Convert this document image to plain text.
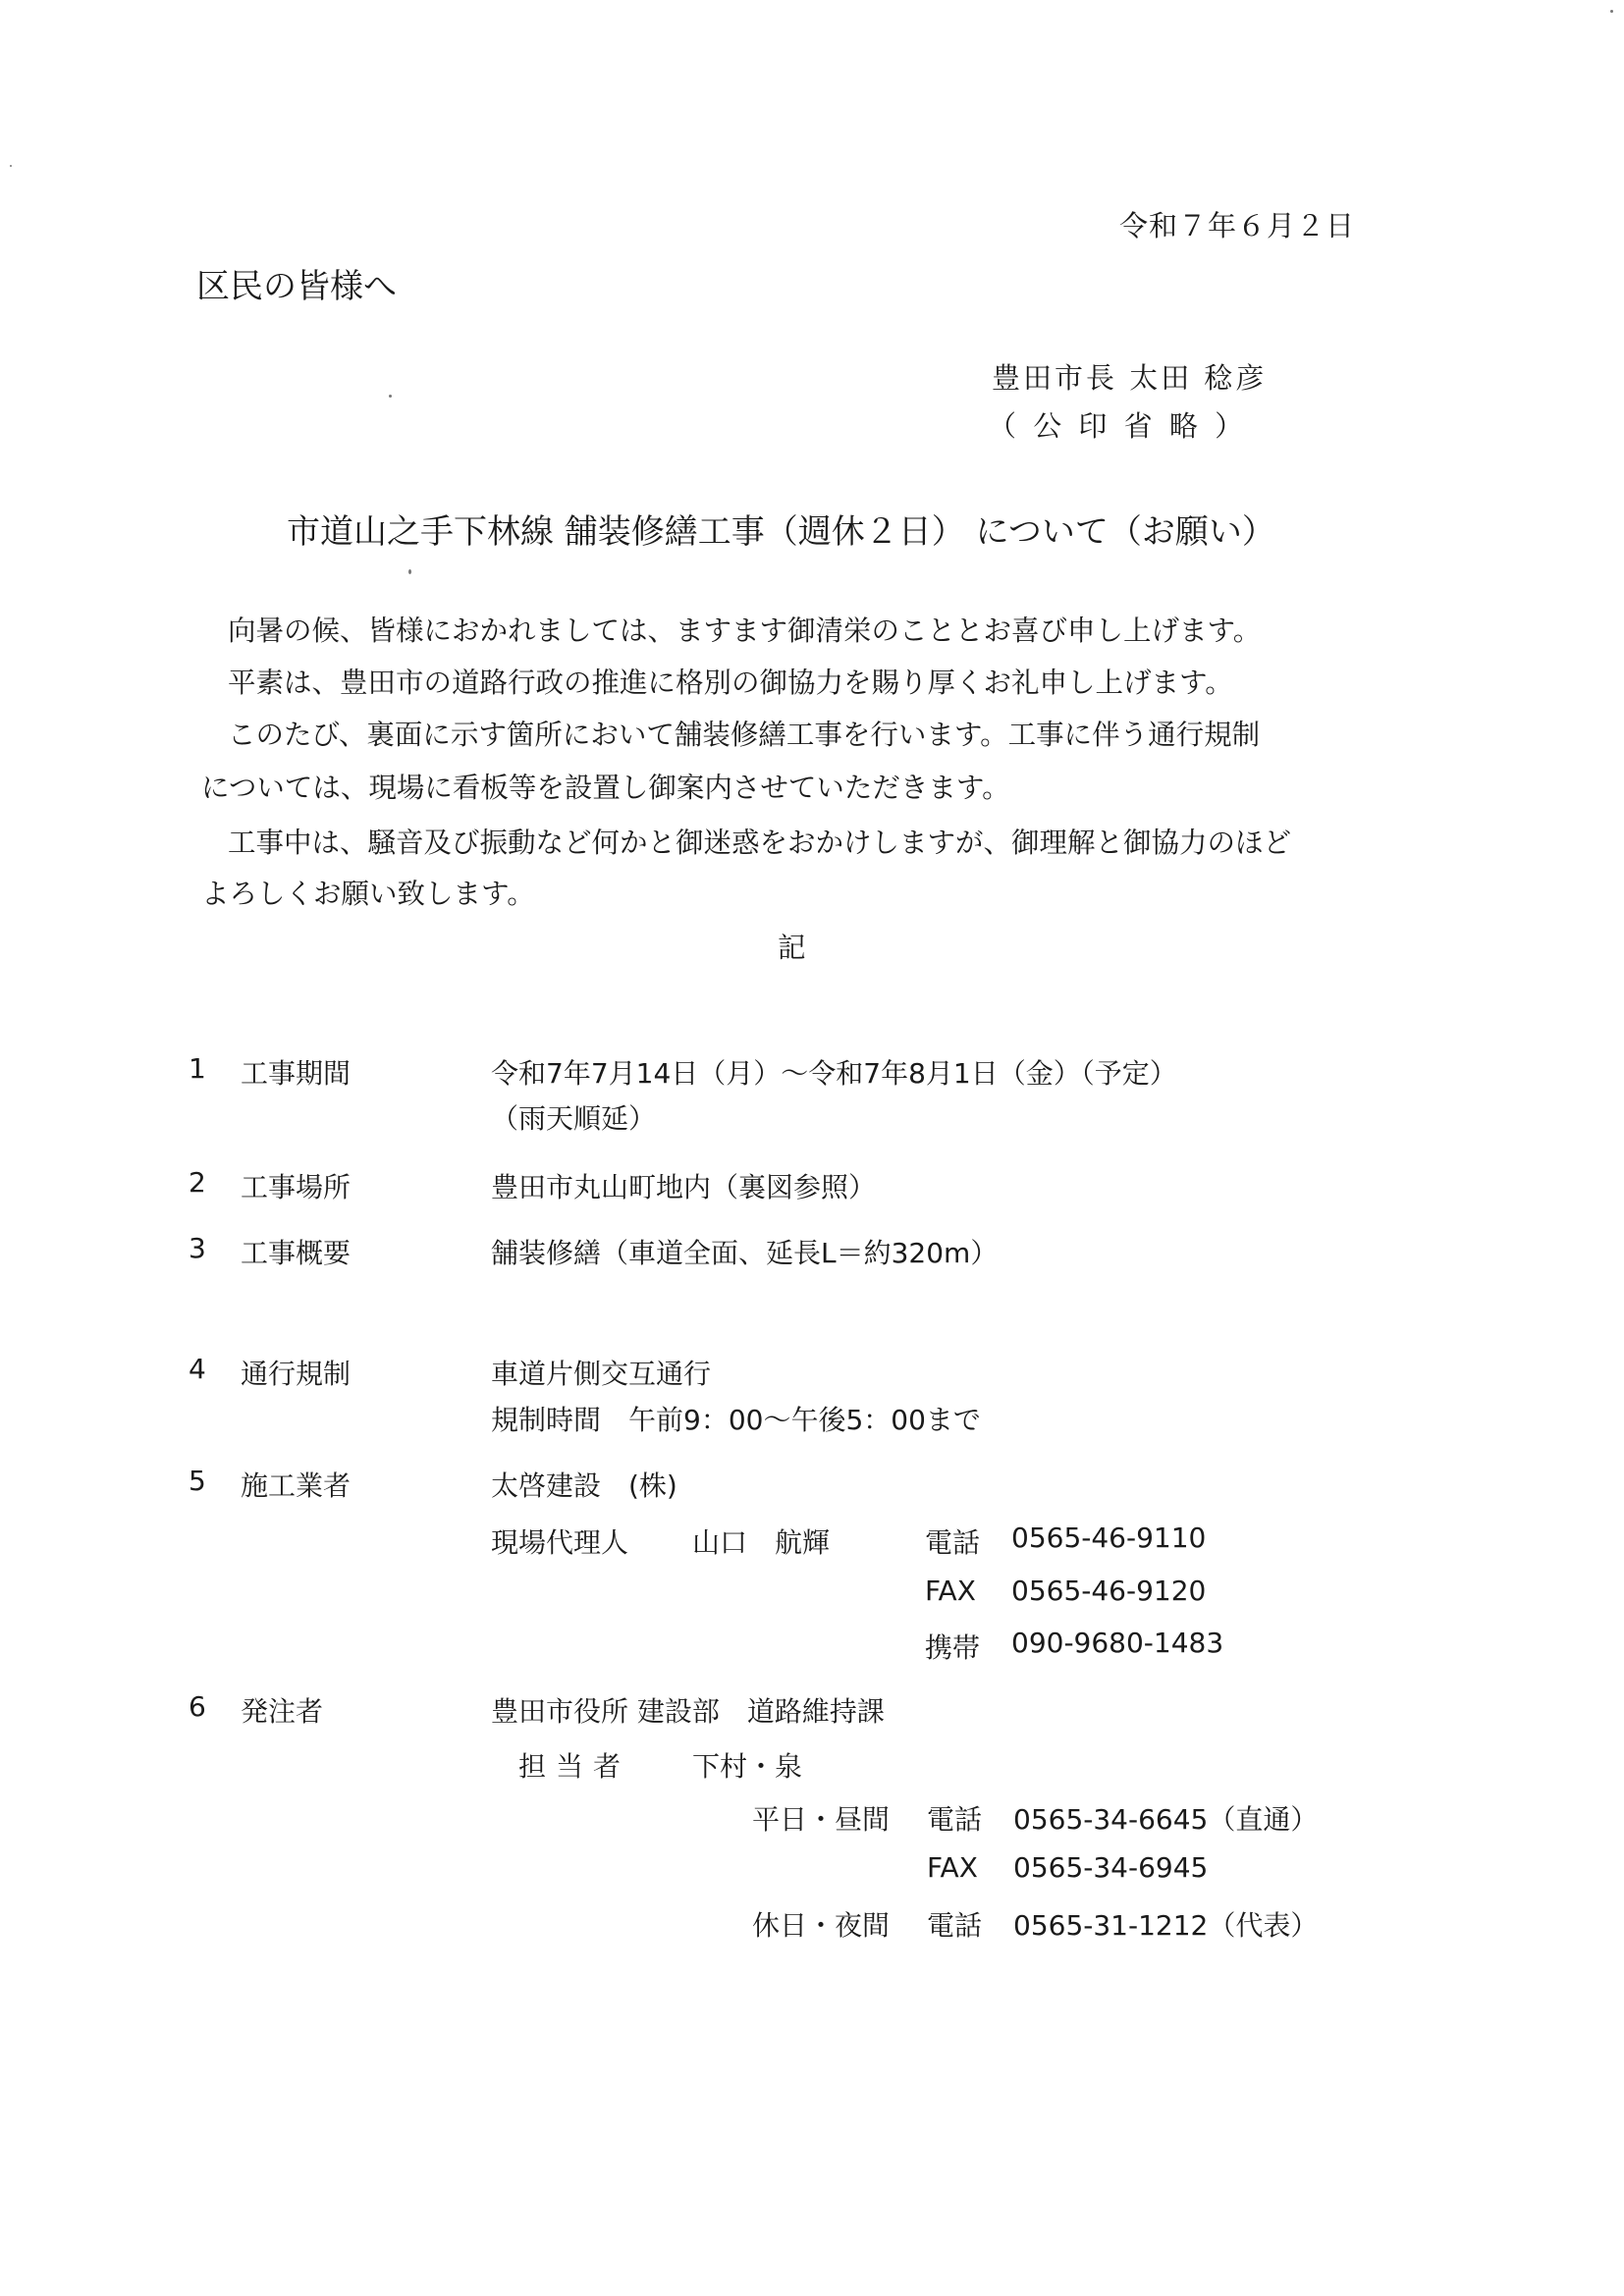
令和７年６月２日
区民の皆様へ
豊田市長 太田 稔彦
（ 公 印 省 略 ）
市道山之手下林線 舗装修繕工事（週休２日） について（お願い）
向暑の候、皆様におかれましては、ますます御清栄のこととお喜び申し上げます。
平素は、豊田市の道路行政の推進に格別の御協力を賜り厚くお礼申し上げます。
このたび、裏面に示す箇所において舗装修繕工事を行います。工事に伴う通行規制
については、現場に看板等を設置し御案内させていただきます。
工事中は、騒音及び振動など何かと御迷惑をおかけしますが、御理解と御協力のほど
よろしくお願い致します。
記
1 工事期間	令和7年7月14日（月）～令和7年8月1日（金）（予定）
（雨天順延）
2 工事場所	豊田市丸山町地内（裏図参照）
3 工事概要	舗装修繕（車道全面、延長L＝約320m）
4 通行規制	車道片側交互通行
規制時間　午前9：00～午後5：00まで
5 施工業者	太啓建設　(株)
現場代理人 山口　航輝	電話 0565-46-9110
FAX 0565-46-9120
携帯 090-9680-1483
6 発注者	豊田市役所 建設部　道路維持課
担当者 下村・泉
平日・昼間 電話 0565-34-6645（直通）
FAX 0565-34-6945
休日・夜間 電話 0565-31-1212（代表）
